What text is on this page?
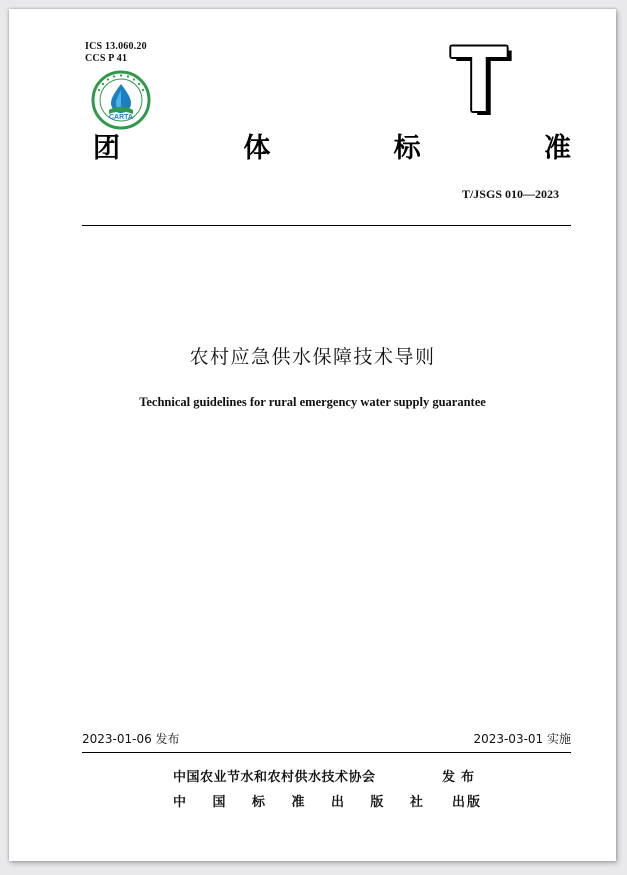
ICS 13.060.20
CCS P 41
CARTA	T
团	体	标	准
T/JSGS 010—2023
农村应急供水保障技术导则
Technical guidelines for rural emergency water supply guarantee
2023-01-06 发布	2023-03-01 实施
中国农业节水和农村供水技术协会	发布
中 国 标 准 出 版 社 出版
